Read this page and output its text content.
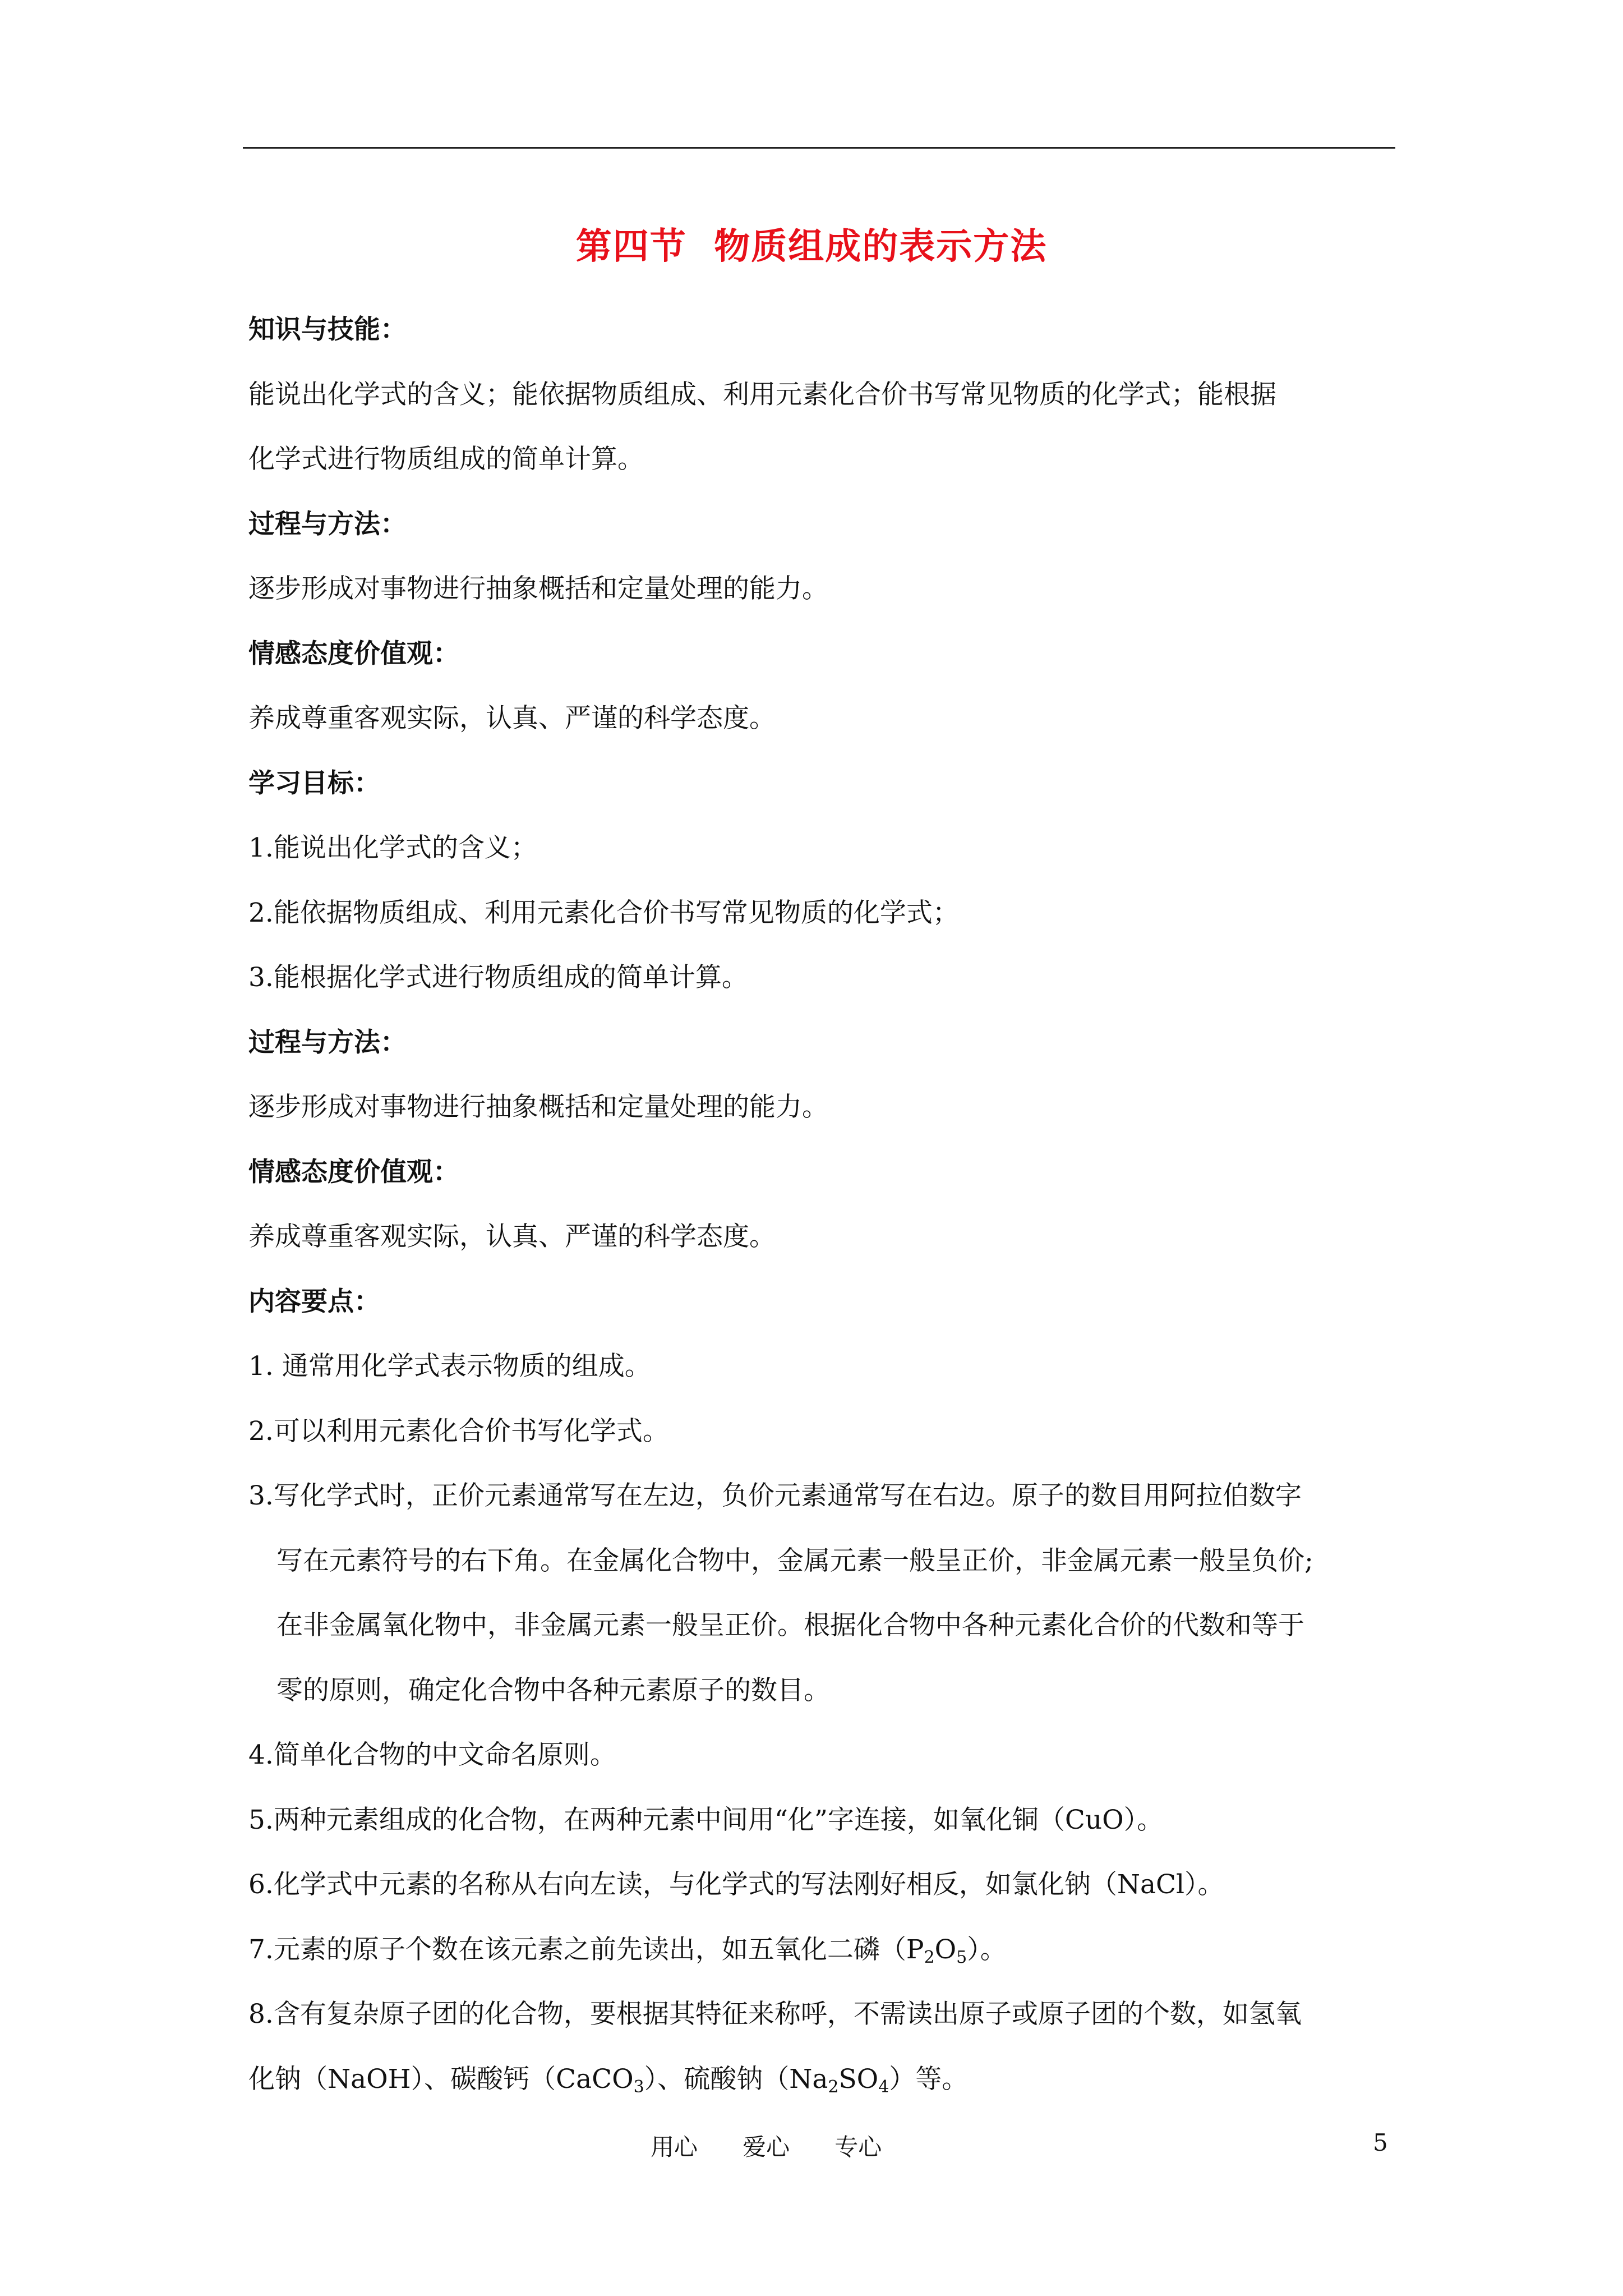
第四节  物质组成的表示方法
知识与技能：
能说出化学式的含义；能依据物质组成、利用元素化合价书写常见物质的化学式；能根据
化学式进行物质组成的简单计算。
过程与方法：
逐步形成对事物进行抽象概括和定量处理的能力。
情感态度价值观：
养成尊重客观实际，认真、严谨的科学态度。
学习目标：
1.能说出化学式的含义；
2.能依据物质组成、利用元素化合价书写常见物质的化学式；
3.能根据化学式进行物质组成的简单计算。
过程与方法：
逐步形成对事物进行抽象概括和定量处理的能力。
情感态度价值观：
养成尊重客观实际，认真、严谨的科学态度。
内容要点：
1. 通常用化学式表示物质的组成。
2.可以利用元素化合价书写化学式。
3.写化学式时，正价元素通常写在左边，负价元素通常写在右边。原子的数目用阿拉伯数字
写在元素符号的右下角。在金属化合物中，金属元素一般呈正价，非金属元素一般呈负价;
在非金属氧化物中，非金属元素一般呈正价。根据化合物中各种元素化合价的代数和等于
零的原则，确定化合物中各种元素原子的数目。
4.简单化合物的中文命名原则。
5.两种元素组成的化合物，在两种元素中间用“化”字连接，如氧化铜（CuO）。
6.化学式中元素的名称从右向左读，与化学式的写法刚好相反，如氯化钠（NaCl）。
7.元素的原子个数在该元素之前先读出，如五氧化二磷$(P_2O_5)$。
8.含有复杂原子团的化合物，要根据其特征来称呼，不需读出原子或原子团的个数，如氢氧
化钠（NaOH）、碳酸钙（CaCO$_3$）、硫酸钠$(Na_2SO_4)$等。
用心      爱心      专心	5
